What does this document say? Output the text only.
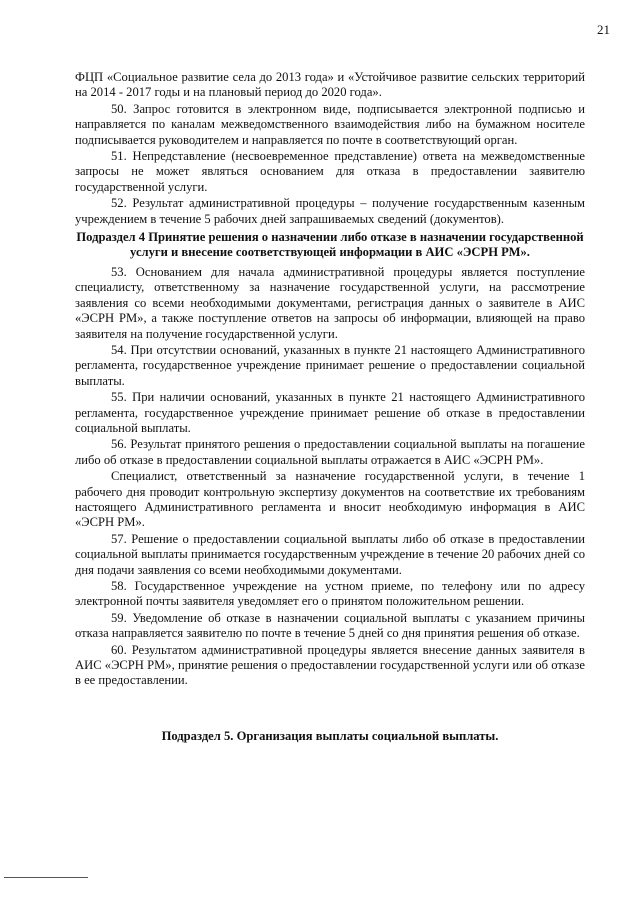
21
ФЦП «Социальное развитие села до 2013 года» и «Устойчивое развитие сельских территорий на 2014 - 2017 годы и на плановый период до 2020 года».
50. Запрос готовится в электронном виде, подписывается электронной подписью и направляется по каналам межведомственного взаимодействия либо на бумажном носителе подписывается руководителем и направляется по почте в соответствующий орган.
51. Непредставление (несвоевременное представление) ответа на межведомственные запросы не может являться основанием для отказа в предоставлении заявителю государственной услуги.
52. Результат административной процедуры – получение государственным казенным учреждением в течение 5 рабочих дней запрашиваемых сведений (документов).
Подраздел 4 Принятие решения о назначении либо отказе в назначении государственной услуги и внесение соответствующей информации в АИС «ЭСРН РМ».
53. Основанием для начала административной процедуры является поступление специалисту, ответственному за назначение государственной услуги, на рассмотрение заявления со всеми необходимыми документами, регистрация данных о заявителе в АИС «ЭСРН РМ», а также поступление ответов на запросы об информации, влияющей на право заявителя на получение государственной услуги.
54. При отсутствии оснований, указанных в пункте 21 настоящего Административного регламента, государственное учреждение принимает решение о предоставлении социальной выплаты.
55. При наличии оснований, указанных в пункте 21 настоящего Административного регламента, государственное учреждение принимает решение об отказе в предоставлении социальной выплаты.
56. Результат принятого решения о предоставлении социальной выплаты на погашение либо об отказе в предоставлении социальной выплаты отражается в АИС «ЭСРН РМ».
Специалист, ответственный за назначение государственной услуги, в течение 1 рабочего дня проводит контрольную экспертизу документов на соответствие их требованиям настоящего Административного регламента и вносит необходимую информация в АИС «ЭСРН РМ».
57. Решение о предоставлении социальной выплаты либо об отказе в предоставлении социальной выплаты принимается государственным учреждение в течение 20 рабочих дней со дня подачи заявления со всеми необходимыми документами.
58. Государственное учреждение на устном приеме, по телефону или по адресу электронной почты заявителя уведомляет его о принятом положительном решении.
59. Уведомление об отказе в назначении социальной выплаты с указанием причины отказа направляется заявителю по почте в течение 5 дней со дня принятия решения об отказе.
60. Результатом административной процедуры является внесение данных заявителя в АИС «ЭСРН РМ», принятие решения о предоставлении государственной услуги или об отказе в ее предоставлении.
Подраздел 5. Организация выплаты социальной выплаты.
